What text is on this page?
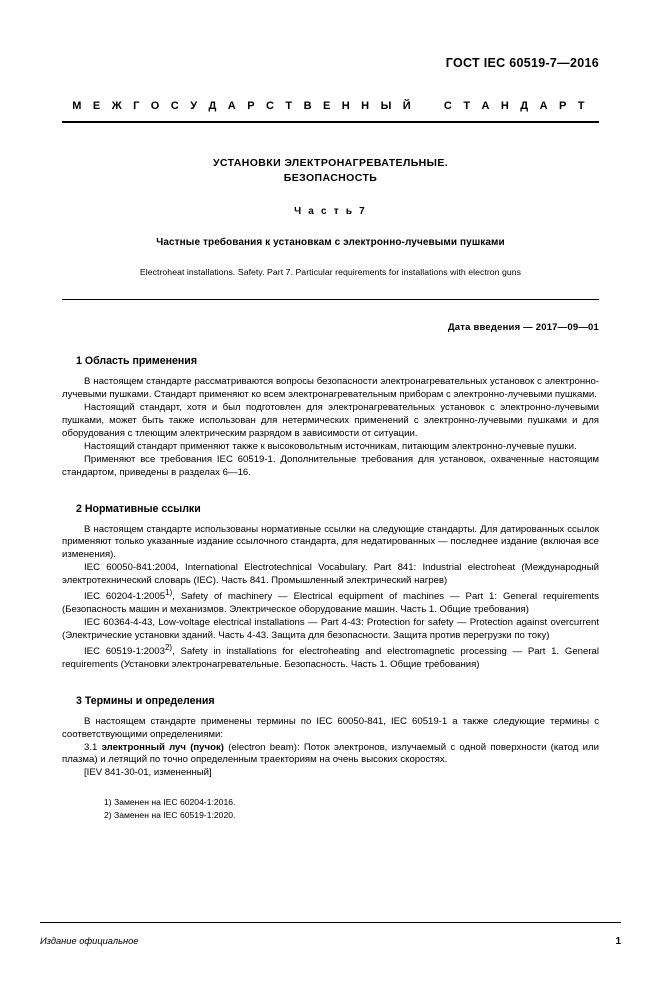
ГОСТ IEC 60519-7—2016
М Е Ж Г О С У Д А Р С Т В Е Н Н Ы Й    С Т А Н Д А Р Т
УСТАНОВКИ ЭЛЕКТРОНАГРЕВАТЕЛЬНЫЕ.
БЕЗОПАСНОСТЬ
Ч а с т ь 7
Частные требования к установкам с электронно-лучевыми пушками
Electroheat installations. Safety. Part 7. Particular requirements for installations with electron guns
Дата введения — 2017—09—01
1 Область применения

В настоящем стандарте рассматриваются вопросы безопасности электронагревательных установок с электронно-лучевыми пушками. Стандарт применяют ко всем электронагревательным приборам с электронно-лучевыми пушками.

Настоящий стандарт, хотя и был подготовлен для электронагревательных установок с электронно-лучевыми пушками, может быть также использован для нетермических применений с электронно-лучевыми пушками и для оборудования с тлеющим электрическим разрядом в зависимости от ситуации.

Настоящий стандарт применяют также к высоковольтным источникам, питающим электронно-лучевые пушки.

Применяют все требования IEC 60519-1. Дополнительные требования для установок, охваченные настоящим стандартом, приведены в разделах 6—16.

2 Нормативные ссылки

В настоящем стандарте использованы нормативные ссылки на следующие стандарты. Для датированных ссылок применяют только указанные издание ссылочного стандарта, для недатированных — последнее издание (включая все изменения).

IEC 60050-841:2004, International Electrotechnical Vocabulary. Part 841: Industrial electroheat (Международный электротехнический словарь (IEC). Часть 841. Промышленный электрический нагрев)

IEC 60204-1:2005$^{1)}$, Safety of machinery — Electrical equipment of machines — Part 1: General requirements (Безопасность машин и механизмов. Электрическое оборудование машин. Часть 1. Общие требования)

IEC 60364-4-43, Low-voltage electrical installations — Part 4-43: Protection for safety — Protection against overcurrent (Электрические установки зданий. Часть 4-43. Защита для безопасности. Защита против перегрузки по току)

IEC 60519-1:2003$^{2)}$, Safety in installations for electroheating and electromagnetic processing — Part 1. General requirements (Установки электронагревательные. Безопасность. Часть 1. Общие требования)

3 Термины и определения

В настоящем стандарте применены термины по IEC 60050-841, IEC 60519-1 а также следующие термины с соответствующими определениями:

3.1 электронный луч (пучок) (electron beam): Поток электронов, излучаемый с одной поверхности (катод или плазма) и летящий по точно определенным траекториям на очень высоких скоростях.

[IEV 841-30-01, измененный]

1) Заменен на IEC 60204-1:2016.

2) Заменен на IEC 60519-1:2020.

Издание официальное	1
